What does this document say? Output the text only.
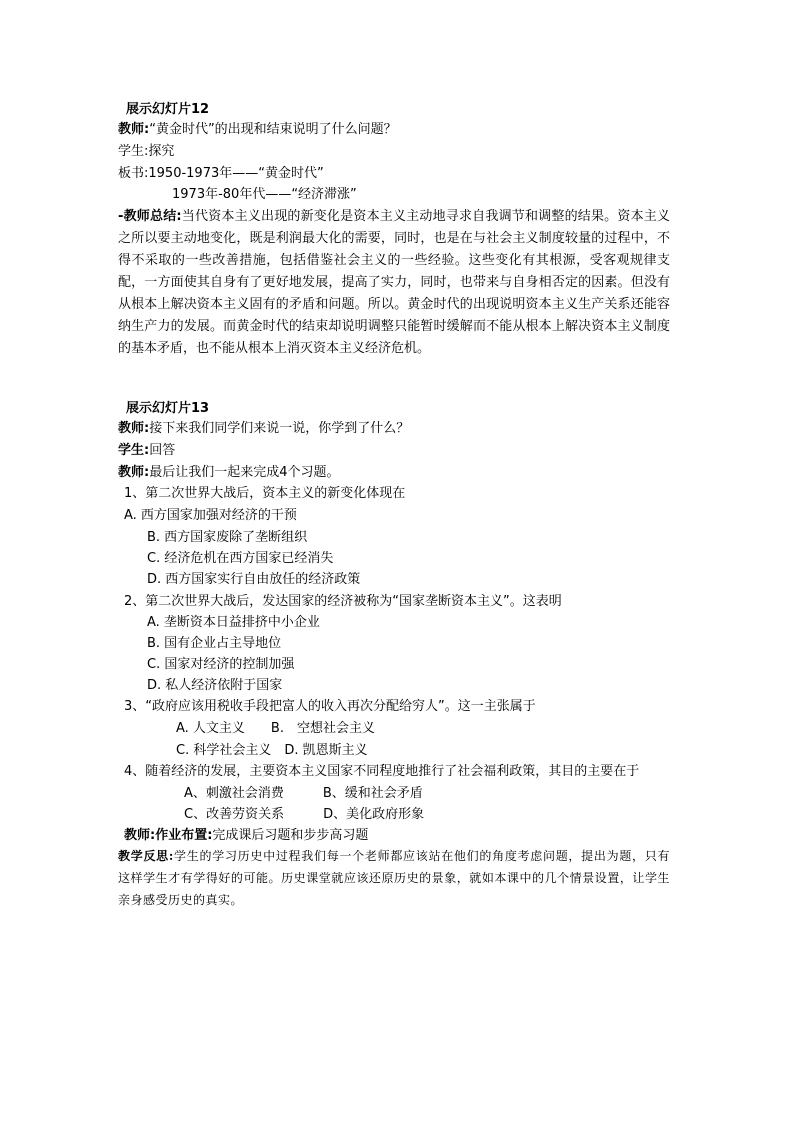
展示幻灯片12
教师:“黄金时代”的出现和结束说明了什么问题？
学生:探究
板书:1950-1973年——“黄金时代”
1973年-80年代——“经济滞涨”
-教师总结:当代资本主义出现的新变化是资本主义主动地寻求自我调节和调整的结果。资本主义之所以要主动地变化，既是利润最大化的需要，同时，也是在与社会主义制度较量的过程中，不得不采取的一些改善措施，包括借鉴社会主义的一些经验。这些变化有其根源，受客观规律支配，一方面使其自身有了更好地发展，提高了实力，同时，也带来与自身相否定的因素。但没有从根本上解决资本主义固有的矛盾和问题。所以。黄金时代的出现说明资本主义生产关系还能容纳生产力的发展。而黄金时代的结束却说明调整只能暂时缓解而不能从根本上解决资本主义制度的基本矛盾，也不能从根本上消灭资本主义经济危机。
展示幻灯片13
教师:接下来我们同学们来说一说，你学到了什么？
学生:回答
教师:最后让我们一起来完成4个习题。
1、第二次世界大战后，资本主义的新变化体现在
A. 西方国家加强对经济的干预
B. 西方国家废除了垄断组织
C. 经济危机在西方国家已经消失
D. 西方国家实行自由放任的经济政策
2、第二次世界大战后，发达国家的经济被称为“国家垄断资本主义”。这表明
A. 垄断资本日益排挤中小企业
B. 国有企业占主导地位
C. 国家对经济的控制加强
D. 私人经济依附于国家
3、“政府应该用税收手段把富人的收入再次分配给穷人”。这一主张属于
A. 人文主义　　B.　空想社会主义
C. 科学社会主义　D. 凯恩斯主义
4、随着经济的发展，主要资本主义国家不同程度地推行了社会福利政策，其目的主要在于
A、刺激社会消费　　　B、缓和社会矛盾
C、改善劳资关系　　　D、美化政府形象
教师:作业布置:完成课后习题和步步高习题
教学反思:学生的学习历史中过程我们每一个老师都应该站在他们的角度考虑问题，提出为题，只有这样学生才有学得好的可能。历史课堂就应该还原历史的景象，就如本课中的几个情景设置，让学生亲身感受历史的真实。
